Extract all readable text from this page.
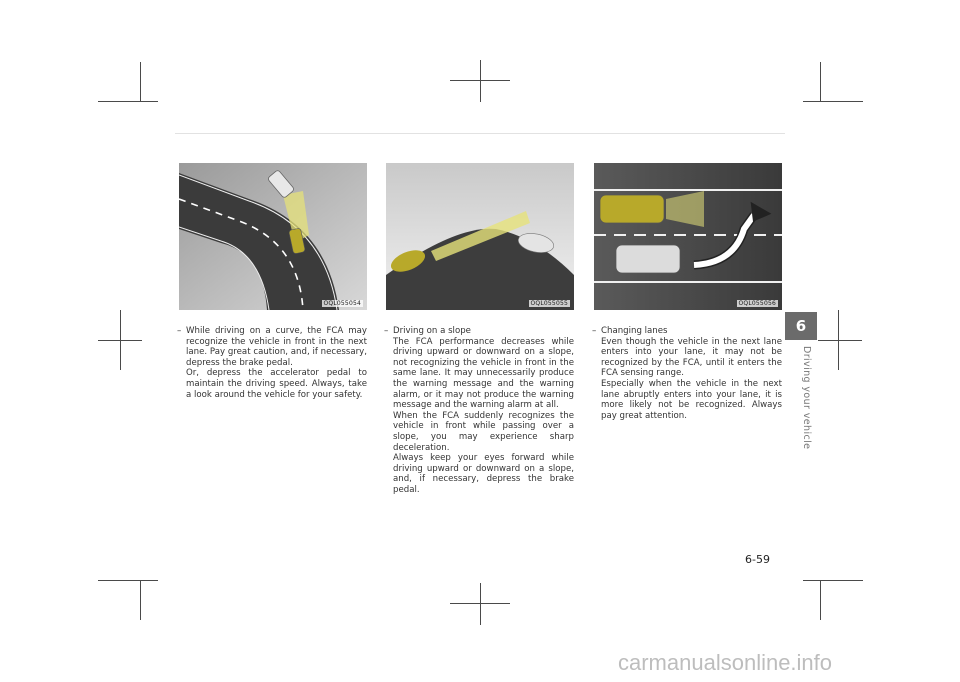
OQL055054	OQL055055	OQL055056
– While driving on a curve, the FCA may recognize the vehicle in front in the next lane. Pay great caution, and, if necessary, depress the brake pedal.

Or, depress the accelerator pedal to maintain the driving speed. Always, take a look around the vehicle for your safety.

– Driving on a slope

The FCA performance decreases while driving upward or downward on a slope, not recognizing the vehicle in front in the same lane. It may unnecessarily produce the warning message and the warning alarm, or it may not produce the warning message and the warning alarm at all.

When the FCA suddenly recognizes the vehicle in front while passing over a slope, you may experience sharp deceleration.

Always keep your eyes forward while driving upward or downward on a slope, and, if necessary, depress the brake pedal.

– Changing lanes

Even though the vehicle in the next lane enters into your lane, it may not be recognized by the FCA, until it enters the FCA sensing range.

Especially when the vehicle in the next lane abruptly enters into your lane, it is more likely not be recognized. Always pay great attention.

6
Driving your vehicle
6-59
carmanualsonline.info
